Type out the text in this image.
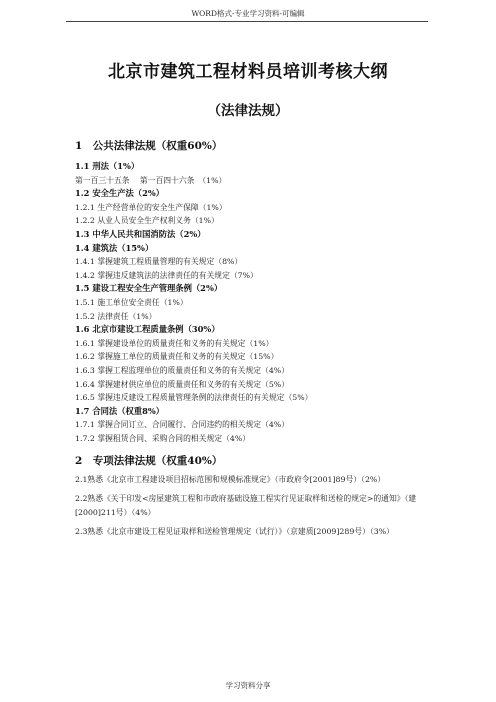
WORD格式-专业学习资料-可编辑
北京市建筑工程材料员培训考核大纲
（法律法规）
1　公共法律法规（权重60%）
1.1 刑法（1%）
第一百三十五条　 第一百四十六条　（1%）
1.2 安全生产法（2%）
1.2.1 生产经营单位的安全生产保障（1%）
1.2.2 从业人员安全生产权利义务（1%）
1.3 中华人民共和国消防法（2%）
1.4 建筑法（15%）
1.4.1 掌握建筑工程质量管理的有关规定（8%）
1.4.2 掌握违反建筑法的法律责任的有关规定（7%）
1.5 建设工程安全生产管理条例（2%）
1.5.1 施工单位安全责任（1%）
1.5.2 法律责任（1%）
1.6 北京市建设工程质量条例（30%）
1.6.1 掌握建设单位的质量责任和义务的有关规定（1%）
1.6.2 掌握施工单位的质量责任和义务的有关规定（15%）
1.6.3 掌握工程监理单位的质量责任和义务的有关规定（4%）
1.6.4 掌握建材供应单位的质量责任和义务的有关规定（5%）
1.6.5 掌握违反建设工程质量管理条例的法律责任的有关规定（5%）
1.7 合同法（权重8%）
1.7.1 掌握合同订立、合同履行、合同违约的相关规定（4%）
1.7.2 掌握租赁合同、采购合同的相关规定（4%）
2　专项法律法规（权重40%）
2.1熟悉《北京市工程建设项目招标范围和规模标准规定》（市政府令[2001]89号）（2%）
2.2熟悉《关于印发<房屋建筑工程和市政府基础设施工程实行见证取样和送检的规定>的通知》（建[2000]211号）（4%）
2.3熟悉《北京市建设工程见证取样和送检管理规定（试行）》（京建质[2009]289号）（3%）
学习资料分享
